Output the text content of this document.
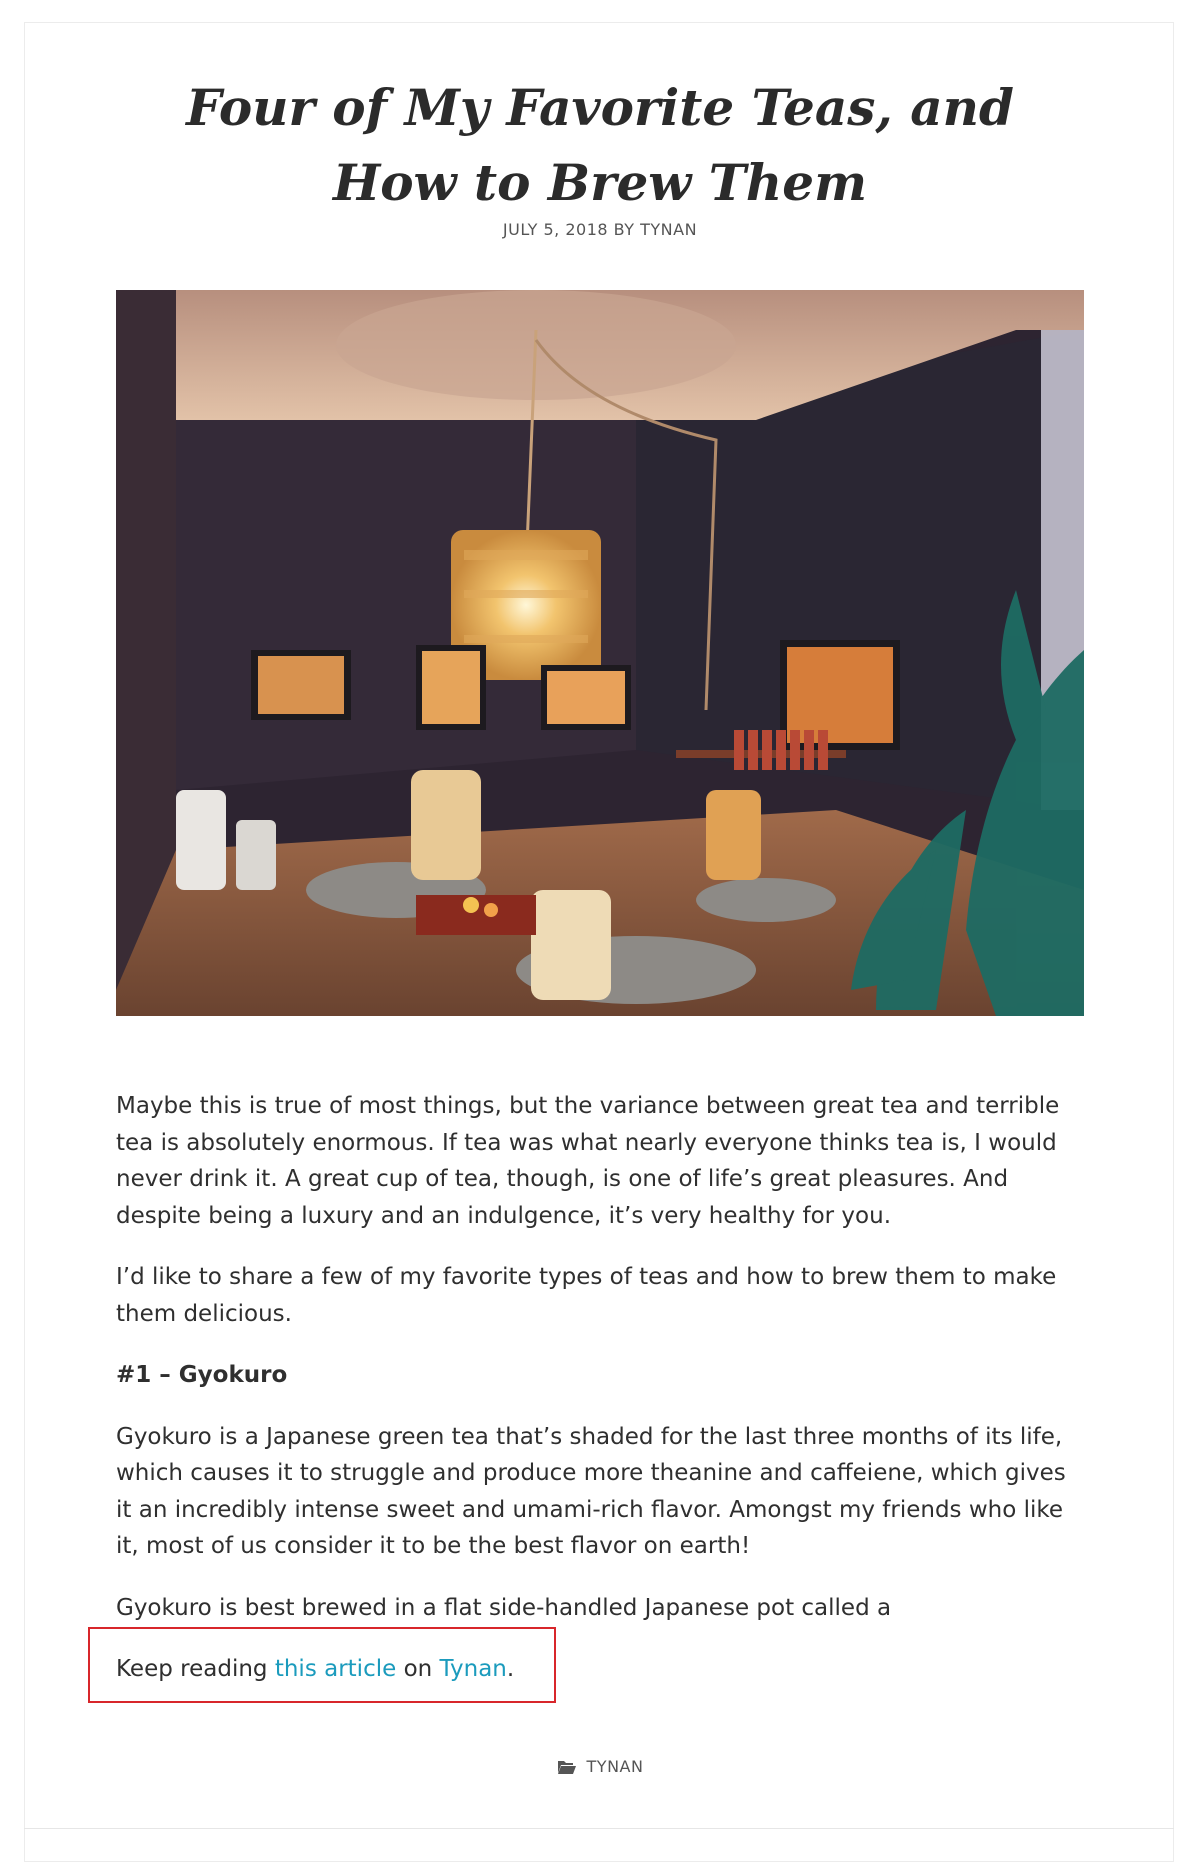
Four of My Favorite Teas, and How to Brew Them
JULY 5, 2018 BY TYNAN

Maybe this is true of most things, but the variance between great tea and terrible tea is absolutely enormous. If tea was what nearly everyone thinks tea is, I would never drink it. A great cup of tea, though, is one of life’s great pleasures. And despite being a luxury and an indulgence, it’s very healthy for you.

I’d like to share a few of my favorite types of teas and how to brew them to make them delicious.

#1 – Gyokuro

Gyokuro is a Japanese green tea that’s shaded for the last three months of its life, which causes it to struggle and produce more theanine and caffeiene, which gives it an incredibly intense sweet and umami-rich flavor. Amongst my friends who like it, most of us consider it to be the best flavor on earth!

Gyokuro is best brewed in a flat side-handled Japanese pot called a

Keep reading this article on Tynan.

TYNAN
